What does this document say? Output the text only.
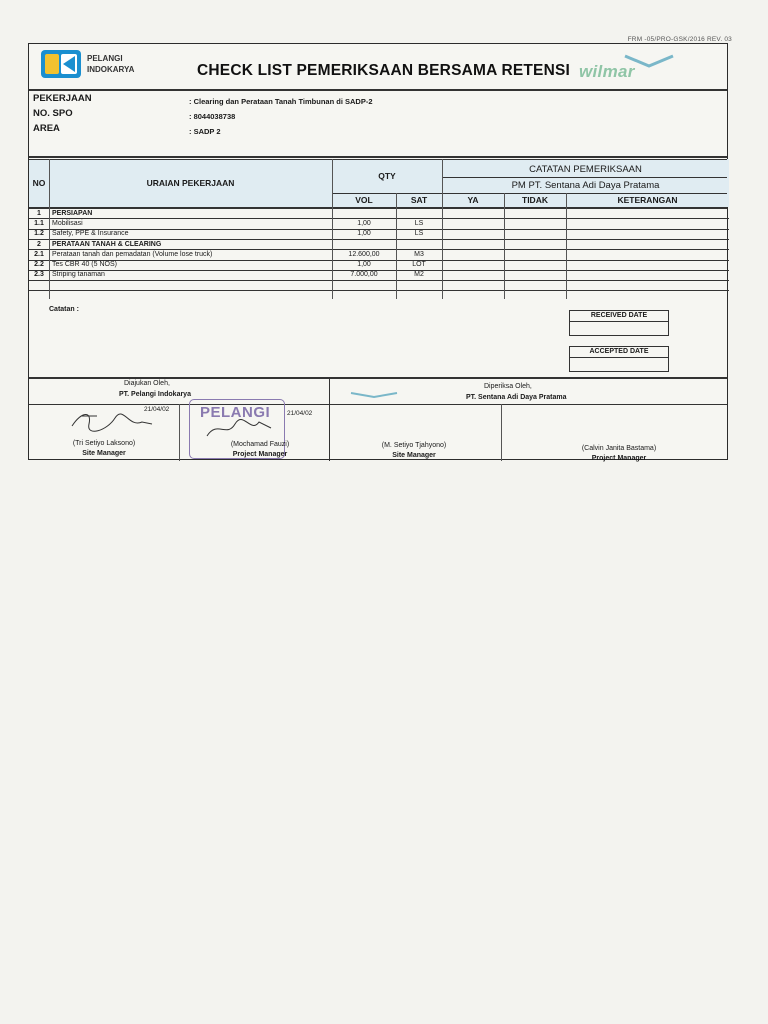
FRM -05/PRO-GSK/2016 REV. 03
PELANGI
INDOKARYA	CHECK LIST PEMERIKSAAN BERSAMA RETENSI wilmar
PEKERJAAN	: Clearing dan Perataan Tanah Timbunan di SADP-2
NO. SPO	: 8044038738
AREA	: SADP 2
NO	URAIAN PEKERJAAN
QTY
VOL	SAT
CATATAN PEMERIKSAAN
PM PT. Sentana Adi Daya Pratama
YA	TIDAK	KETERANGAN
1	PERSIAPAN
1.1	Mobilisasi	1,00	LS
1.2	Safety, PPE & Insurance	1,00	LS
2	PERATAAN TANAH & CLEARING
2.1	Perataan tanah dan pemadatan (Volume lose truck)	12.600,00	M3
2.2	Tes CBR 40 (5 NOS)	1,00	LOT
2.3	Striping tanaman	7.000,00	M2
Catatan :
RECEIVED DATE
ACCEPTED DATE
Diajukan Oleh,
PT. Pelangi Indokarya
Diperiksa Oleh,
PT. Sentana Adi Daya Pratama
PELANGI
21/04/02
21/04/02
(Tri Setiyo Laksono)
Site Manager
(Mochamad Fauzi)
Project Manager
(M. Setiyo Tjahyono)
Site Manager
(Calvin Janita Bastama)
Project Manager
